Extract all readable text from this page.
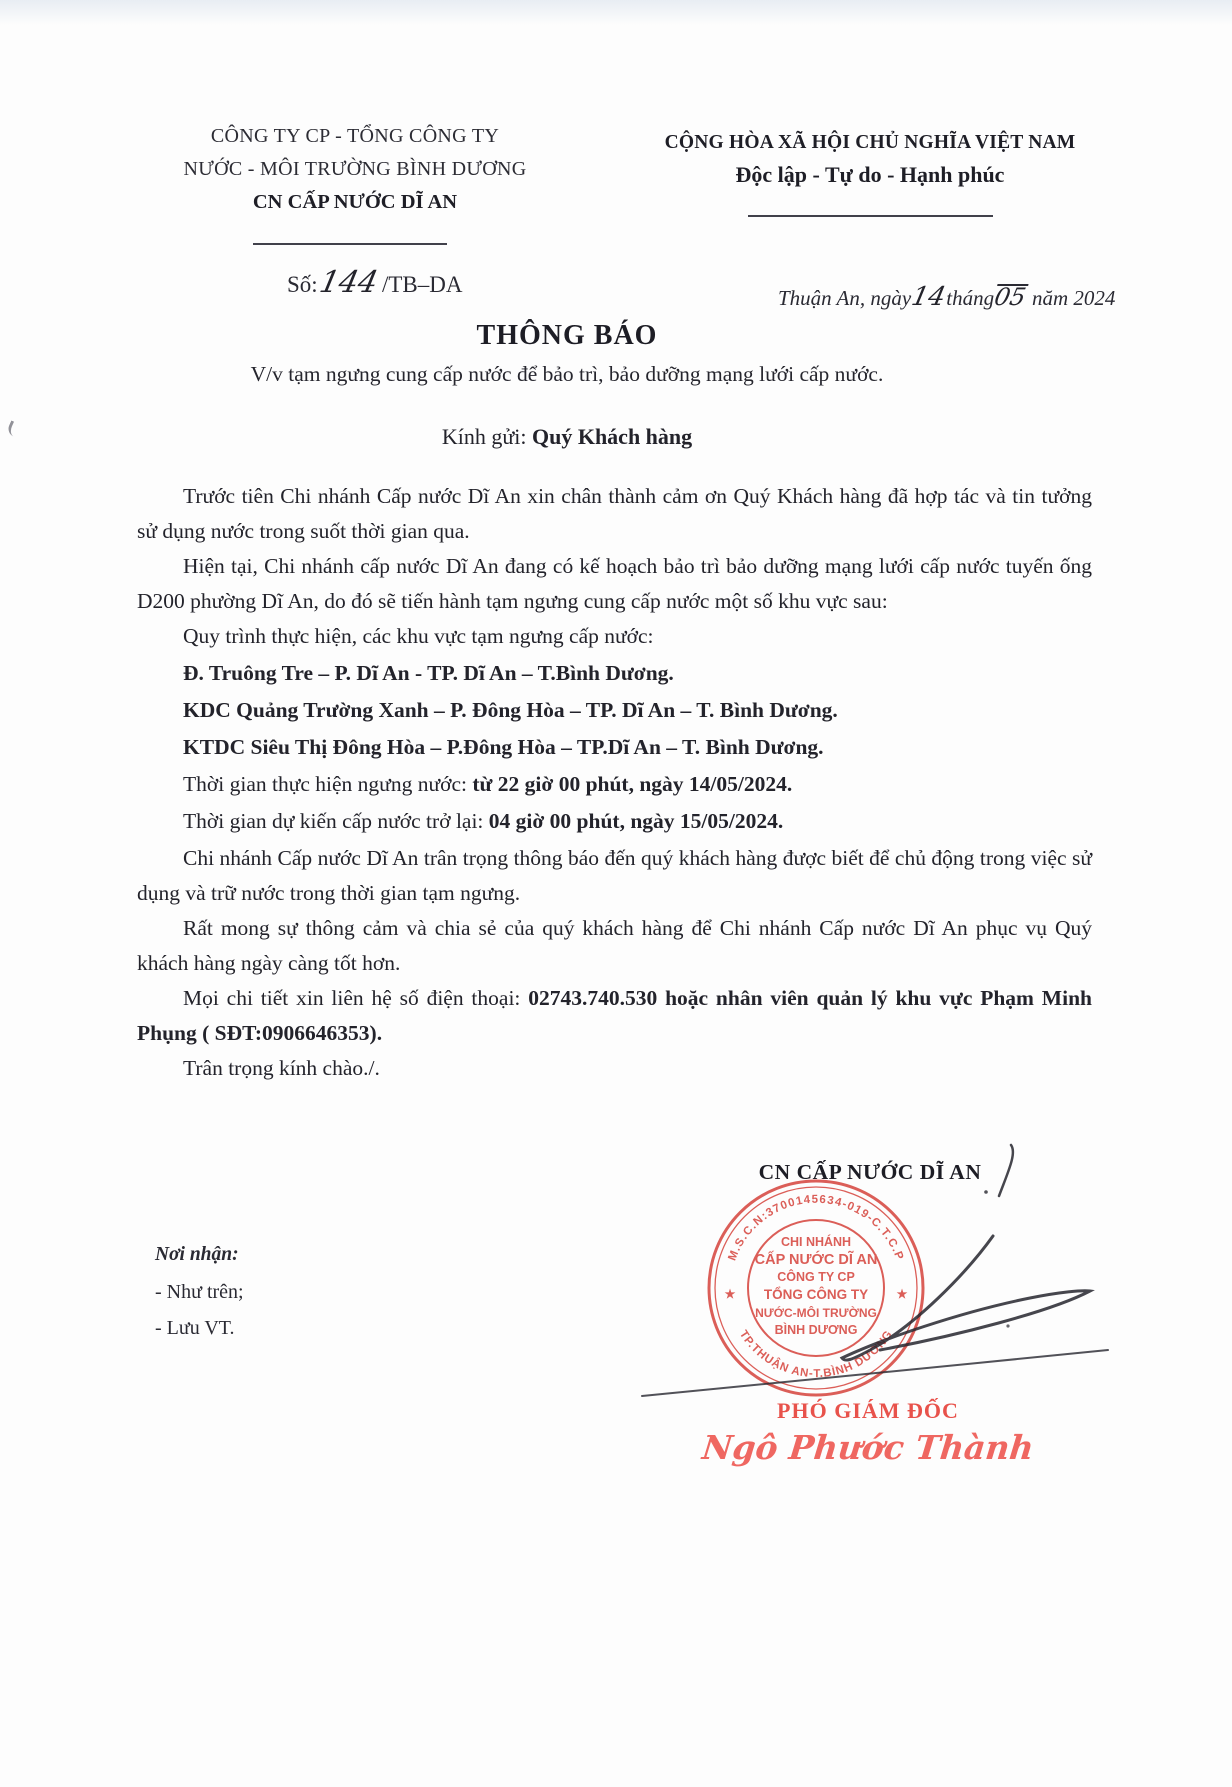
CÔNG TY CP - TỔNG CÔNG TY
NƯỚC - MÔI TRƯỜNG BÌNH DƯƠNG
CN CẤP NƯỚC DĨ AN
CỘNG HÒA XÃ HỘI CHỦ NGHĨA VIỆT NAM
Độc lập - Tự do - Hạnh phúc
Số:144/TB–DA
Thuận An, ngày14tháng05 năm 2024
THÔNG BÁO
V/v tạm ngưng cung cấp nước để bảo trì, bảo dưỡng mạng lưới cấp nước.
Kính gửi: Quý Khách hàng

Trước tiên Chi nhánh Cấp nước Dĩ An xin chân thành cảm ơn Quý Khách hàng đã hợp tác và tin tưởng sử dụng nước trong suốt thời gian qua.

Hiện tại, Chi nhánh cấp nước Dĩ An đang có kế hoạch bảo trì bảo dưỡng mạng lưới cấp nước tuyến ống D200 phường Dĩ An, do đó sẽ tiến hành tạm ngưng cung cấp nước một số khu vực sau:

Quy trình thực hiện, các khu vực tạm ngưng cấp nước:

Đ. Truông Tre – P. Dĩ An - TP. Dĩ An – T.Bình Dương.

KDC Quảng Trường Xanh – P. Đông Hòa – TP. Dĩ An – T. Bình Dương.

KTDC Siêu Thị Đông Hòa – P.Đông Hòa – TP.Dĩ An – T. Bình Dương.

Thời gian thực hiện ngưng nước: từ 22 giờ 00 phút, ngày 14/05/2024.

Thời gian dự kiến cấp nước trở lại: 04 giờ 00 phút, ngày 15/05/2024.

Chi nhánh Cấp nước Dĩ An trân trọng thông báo đến quý khách hàng được biết để chủ động trong việc sử dụng và trữ nước trong thời gian tạm ngưng.

Rất mong sự thông cảm và chia sẻ của quý khách hàng để Chi nhánh Cấp nước Dĩ An phục vụ Quý khách hàng ngày càng tốt hơn.

Mọi chi tiết xin liên hệ số điện thoại: 02743.740.530 hoặc nhân viên quản lý khu vực Phạm Minh Phụng ( SĐT:0906646353).

Trân trọng kính chào./.

CN CẤP NƯỚC DĨ AN
Nơi nhận:
- Như trên;
- Lưu VT.
M.S.C.N:3700145634-019-C.T.C.P
TP.THUẬN AN-T.BÌNH DƯƠNG
★	★
CHI NHÁNH
CẤP NƯỚC DĨ AN
CÔNG TY CP
TỔNG CÔNG TY
NƯỚC-MÔI TRƯỜNG
BÌNH DƯƠNG
PHÓ GIÁM ĐỐC
Ngô Phước Thành
